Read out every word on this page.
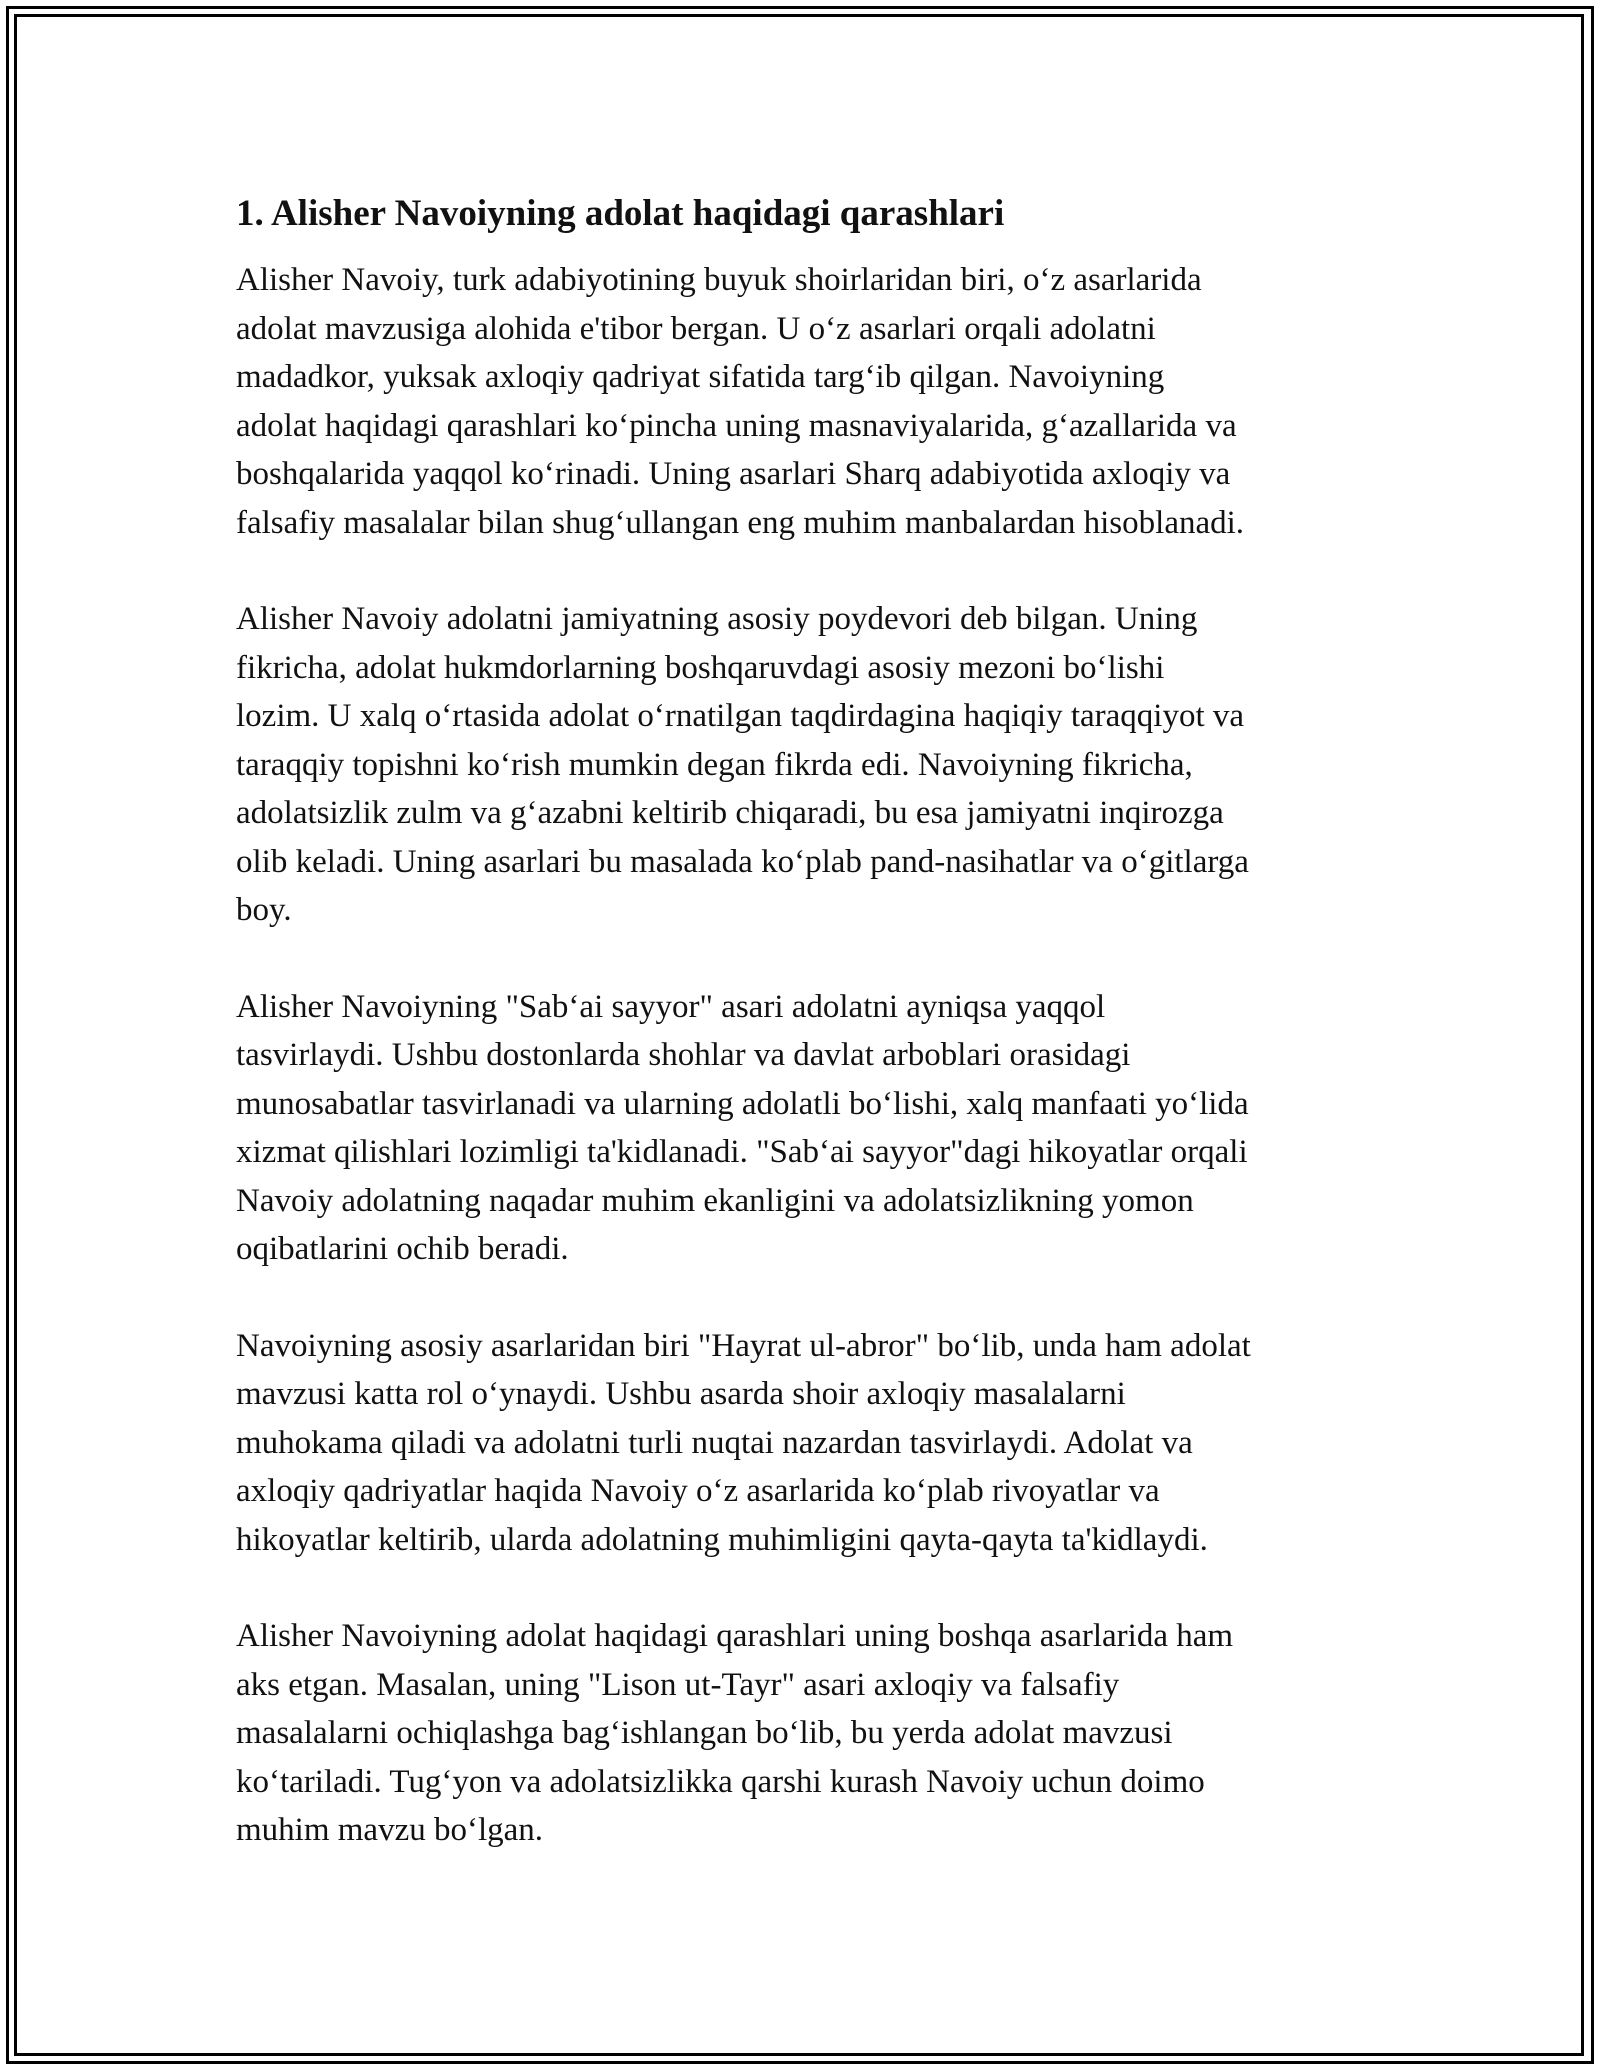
1. Alisher Navoiyning adolat haqidagi qarashlari

Alisher Navoiy, turk adabiyotining buyuk shoirlaridan biri, o‘z asarlarida
adolat mavzusiga alohida e'tibor bergan. U o‘z asarlari orqali adolatni
madadkor, yuksak axloqiy qadriyat sifatida targ‘ib qilgan. Navoiyning
adolat haqidagi qarashlari ko‘pincha uning masnaviyalarida, g‘azallarida va
boshqalarida yaqqol ko‘rinadi. Uning asarlari Sharq adabiyotida axloqiy va
falsafiy masalalar bilan shug‘ullangan eng muhim manbalardan hisoblanadi.

Alisher Navoiy adolatni jamiyatning asosiy poydevori deb bilgan. Uning
fikricha, adolat hukmdorlarning boshqaruvdagi asosiy mezoni bo‘lishi
lozim. U xalq o‘rtasida adolat o‘rnatilgan taqdirdagina haqiqiy taraqqiyot va
taraqqiy topishni ko‘rish mumkin degan fikrda edi. Navoiyning fikricha,
adolatsizlik zulm va g‘azabni keltirib chiqaradi, bu esa jamiyatni inqirozga
olib keladi. Uning asarlari bu masalada ko‘plab pand-nasihatlar va o‘gitlarga
boy.

Alisher Navoiyning "Sab‘ai sayyor" asari adolatni ayniqsa yaqqol
tasvirlaydi. Ushbu dostonlarda shohlar va davlat arboblari orasidagi
munosabatlar tasvirlanadi va ularning adolatli bo‘lishi, xalq manfaati yo‘lida
xizmat qilishlari lozimligi ta'kidlanadi. "Sab‘ai sayyor"dagi hikoyatlar orqali
Navoiy adolatning naqadar muhim ekanligini va adolatsizlikning yomon
oqibatlarini ochib beradi.

Navoiyning asosiy asarlaridan biri "Hayrat ul-abror" bo‘lib, unda ham adolat
mavzusi katta rol o‘ynaydi. Ushbu asarda shoir axloqiy masalalarni
muhokama qiladi va adolatni turli nuqtai nazardan tasvirlaydi. Adolat va
axloqiy qadriyatlar haqida Navoiy o‘z asarlarida ko‘plab rivoyatlar va
hikoyatlar keltirib, ularda adolatning muhimligini qayta-qayta ta'kidlaydi.

Alisher Navoiyning adolat haqidagi qarashlari uning boshqa asarlarida ham
aks etgan. Masalan, uning "Lison ut-Tayr" asari axloqiy va falsafiy
masalalarni ochiqlashga bag‘ishlangan bo‘lib, bu yerda adolat mavzusi
ko‘tariladi. Tug‘yon va adolatsizlikka qarshi kurash Navoiy uchun doimo
muhim mavzu bo‘lgan.
